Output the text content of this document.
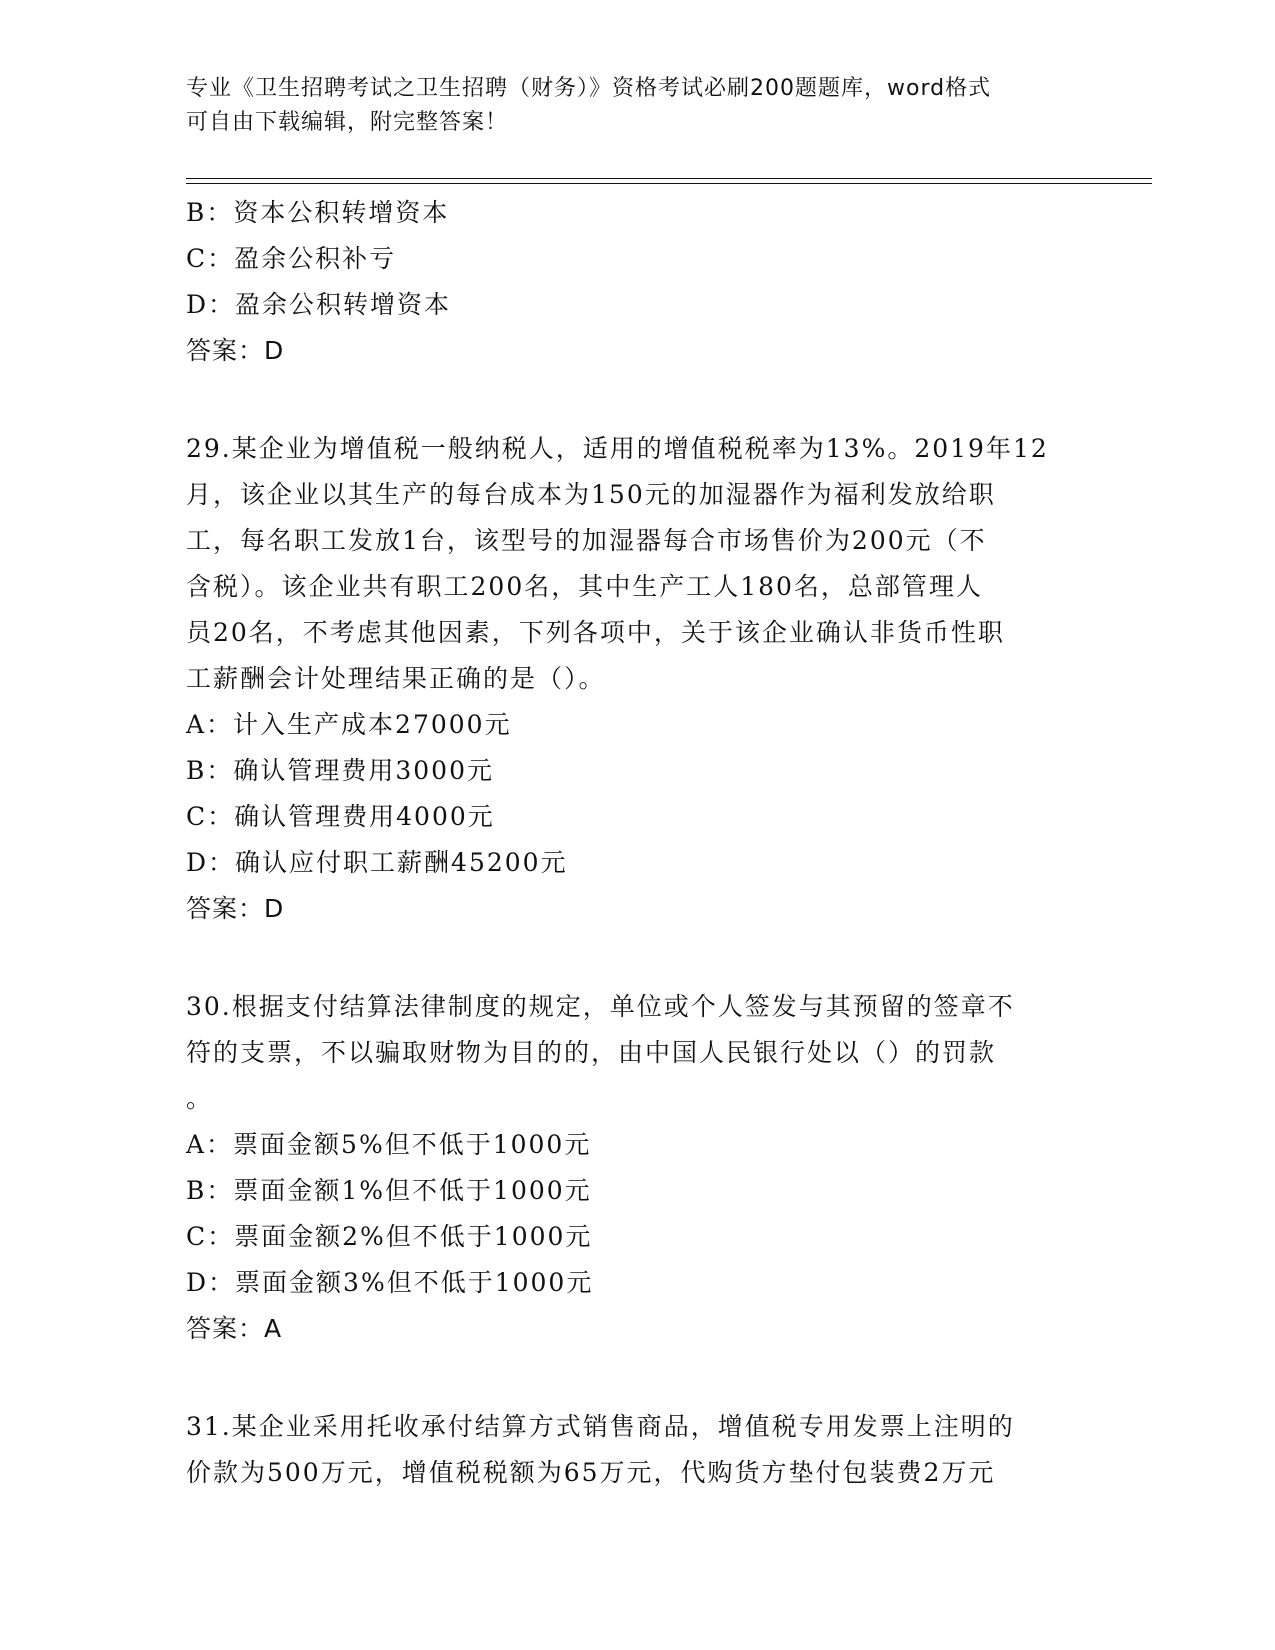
专业《卫生招聘考试之卫生招聘（财务）》资格考试必刷200题题库，word格式
可自由下载编辑，附完整答案！
B：资本公积转增资本
C：盈余公积补亏
D：盈余公积转增资本
答案：D
29.某企业为增值税一般纳税人，适用的增值税税率为13%。2019年12
月，该企业以其生产的每台成本为150元的加湿器作为福利发放给职
工，每名职工发放1台，该型号的加湿器每合市场售价为200元（不
含税）。该企业共有职工200名，其中生产工人180名，总部管理人
员20名，不考虑其他因素，下列各项中，关于该企业确认非货币性职
工薪酬会计处理结果正确的是（）。
A：计入生产成本27000元
B：确认管理费用3000元
C：确认管理费用4000元
D：确认应付职工薪酬45200元
答案：D
30.根据支付结算法律制度的规定，单位或个人签发与其预留的签章不
符的支票，不以骗取财物为目的的，由中国人民银行处以（）的罚款
。
A：票面金额5%但不低于1000元
B：票面金额1%但不低于1000元
C：票面金额2%但不低于1000元
D：票面金额3%但不低于1000元
答案：A
31.某企业采用托收承付结算方式销售商品，增值税专用发票上注明的
价款为500万元，增值税税额为65万元，代购货方垫付包装费2万元
